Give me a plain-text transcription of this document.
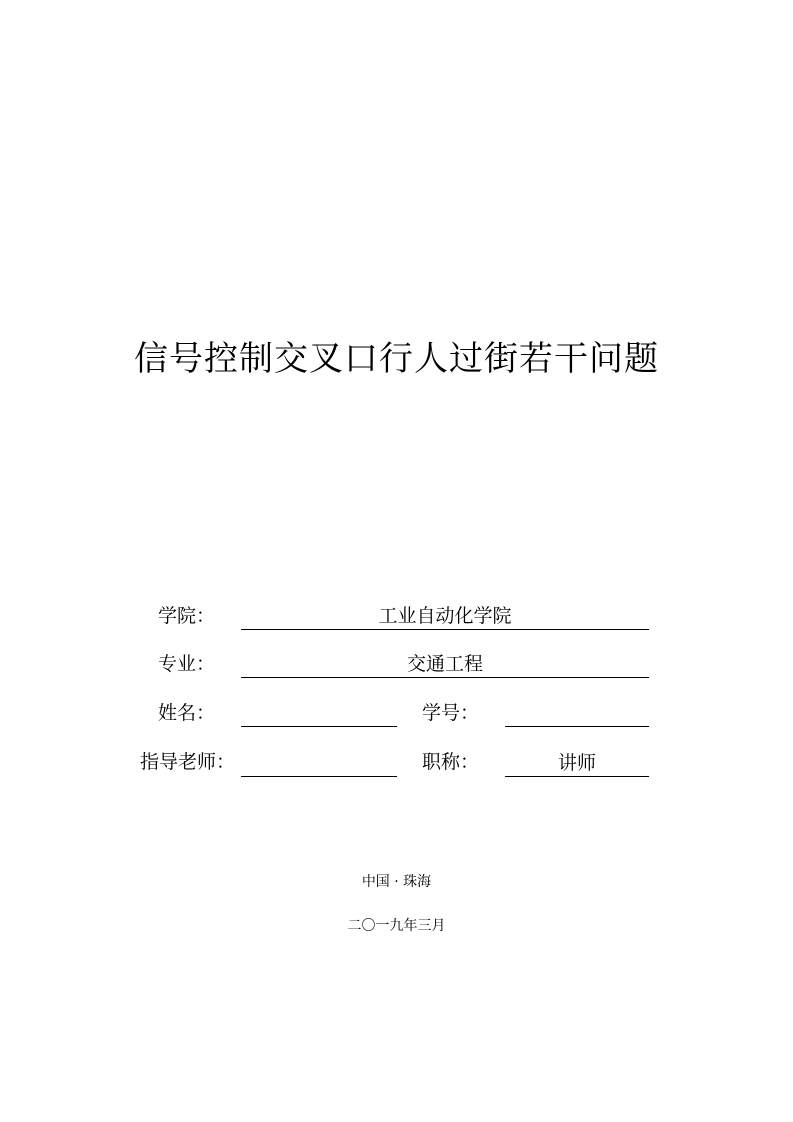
信号控制交叉口行人过街若干问题
学院：	工业自动化学院
专业：	交通工程
姓名：	学号：
指导老师：	职称：	讲师
中国 · 珠海
二〇一九年三月
